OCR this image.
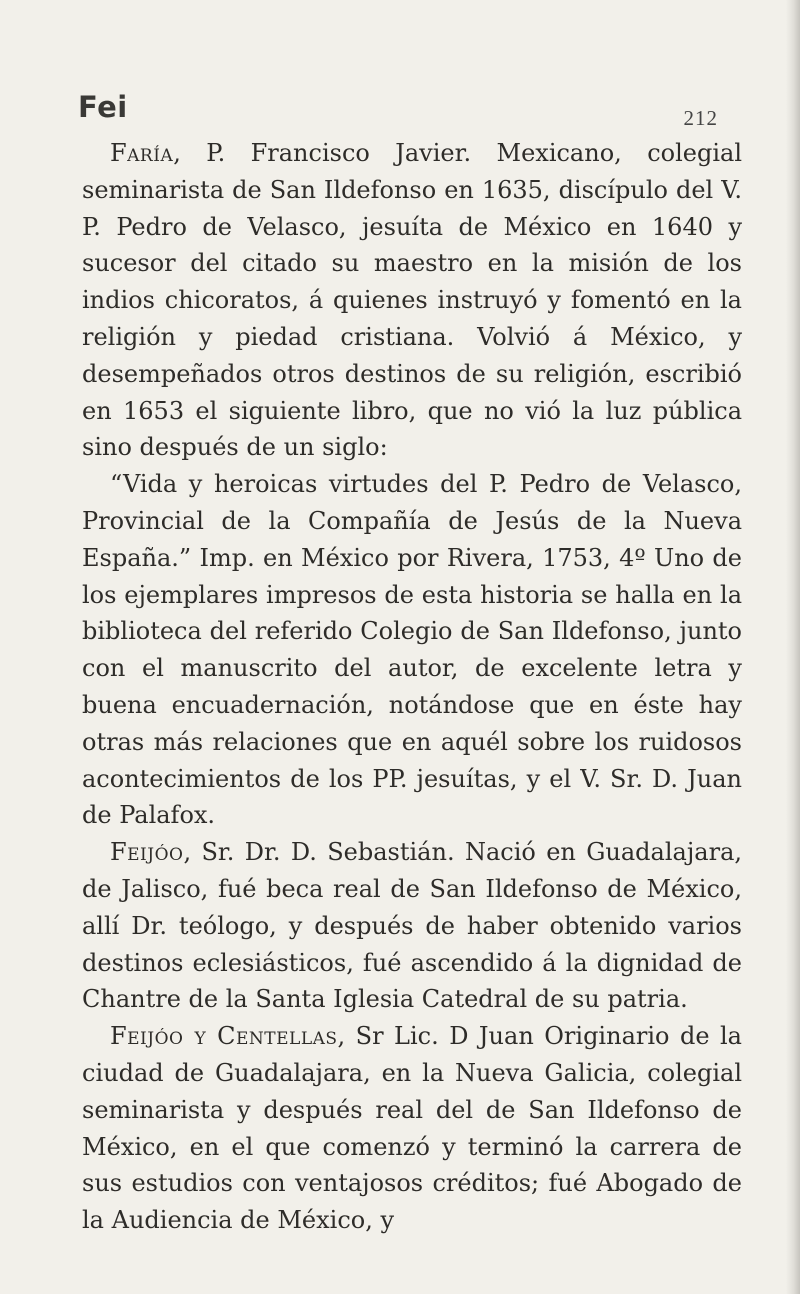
Fei	212

Faría, P. Francisco Javier. Mexicano, colegial seminarista de San Ildefonso en 1635, discípulo del V. P. Pedro de Velasco, jesuíta de México en 1640 y sucesor del citado su maestro en la misión de los indios chicoratos, á quienes instruyó y fomentó en la religión y piedad cristiana. Volvió á México, y desempeñados otros destinos de su religión, escribió en 1653 el siguiente libro, que no vió la luz pública sino después de un siglo:

“Vida y heroicas virtudes del P. Pedro de Velasco, Provincial de la Compañía de Jesús de la Nueva España.” Imp. en México por Rivera, 1753, 4º Uno de los ejemplares impresos de esta historia se halla en la biblioteca del referido Colegio de San Ildefonso, junto con el manuscrito del autor, de excelente letra y buena encuadernación, notándose que en éste hay otras más relaciones que en aquél sobre los ruidosos acontecimientos de los PP. jesuítas, y el V. Sr. D. Juan de Palafox.

Feijóo, Sr. Dr. D. Sebastián. Nació en Guadalajara, de Jalisco, fué beca real de San Ildefonso de México, allí Dr. teólogo, y después de haber obtenido varios destinos eclesiásticos, fué ascendido á la dignidad de Chantre de la Santa Iglesia Catedral de su patria.

Feijóo y Centellas, Sr Lic. D Juan Originario de la ciudad de Guadalajara, en la Nueva Galicia, colegial seminarista y después real del de San Ildefonso de México, en el que comenzó y terminó la carrera de sus estudios con ventajosos créditos; fué Abogado de la Audiencia de México, y
